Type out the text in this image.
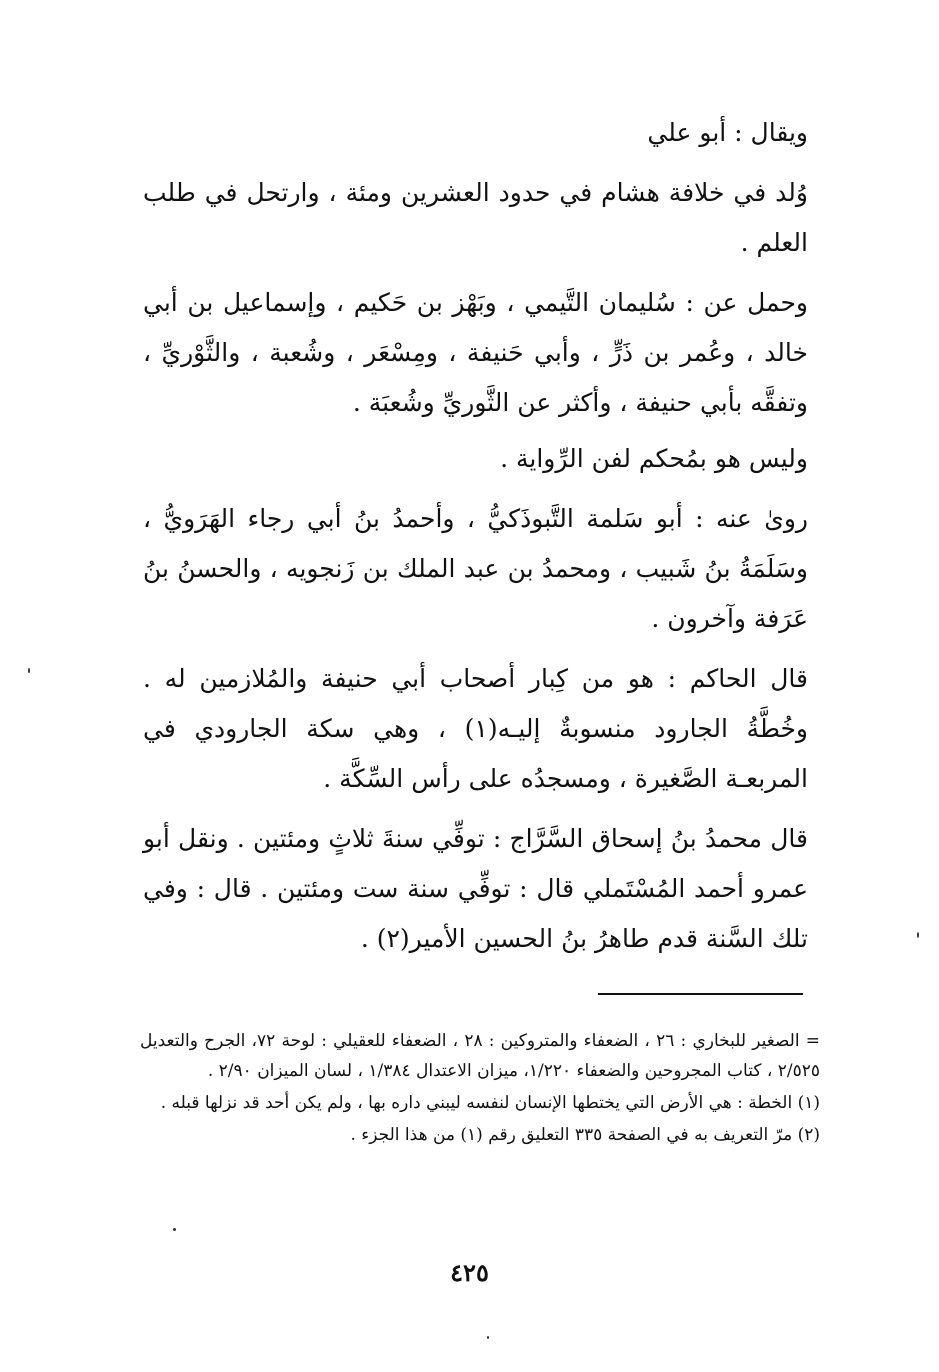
ويقال : أبو علي

وُلد في خلافة هشام في حدود العشرين ومئة ، وارتحل في طلب العلم .

وحمل عن : سُليمان التَّيمي ، وبَهْز بن حَكيم ، وإسماعيل بن أبي خالد ، وعُمر بن ذَرٍّ ، وأبي حَنيفة ، ومِسْعَر ، وشُعبة ، والثَّوْريِّ ، وتفقَّه بأبي حنيفة ، وأكثر عن الثَّوريِّ وشُعبَة .

وليس هو بمُحكم لفن الرِّواية .

روىٰ عنه : أبو سَلمة التَّبوذَكيُّ ، وأحمدُ بنُ أبي رجاء الهَرَويُّ ، وسَلَمَةُ بنُ شَبيب ، ومحمدُ بن عبد الملك بن زَنجويه ، والحسنُ بنُ عَرَفة وآخرون .

قال الحاكم : هو من كِبار أصحاب أبي حنيفة والمُلازمين له . وخُطَّةُ الجارود منسوبةٌ إليـه(١) ، وهي سكة الجارودي في المربعـة الصَّغيرة ، ومسجدُه على رأس السِّكَّة .

قال محمدُ بنُ إسحاق السَّرَّاج : توفِّي سنةَ ثلاثٍ ومئتين . ونقل أبو عمرو أحمد المُسْتَملي قال : توفِّي سنة ست ومئتين . قال : وفي تلك السَّنة قدم طاهرُ بنُ الحسين الأمير(٢) .

= الصغير للبخاري : ٢٦ ، الضعفاء والمتروكين : ٢٨ ، الضعفاء للعقيلي : لوحة ٧٢، الجرح والتعديل ٢/٥٢٥ ، كتاب المجروحين والضعفاء ١/٢٢٠، ميزان الاعتدال ١/٣٨٤ ، لسان الميزان ٢/٩٠ .

(١) الخطة : هي الأرض التي يختطها الإنسان لنفسه ليبني داره بها ، ولم يكن أحد قد نزلها قبله .

(٢) مرّ التعريف به في الصفحة ٣٣٥ التعليق رقم (١) من هذا الجزء .

٤٢٥
